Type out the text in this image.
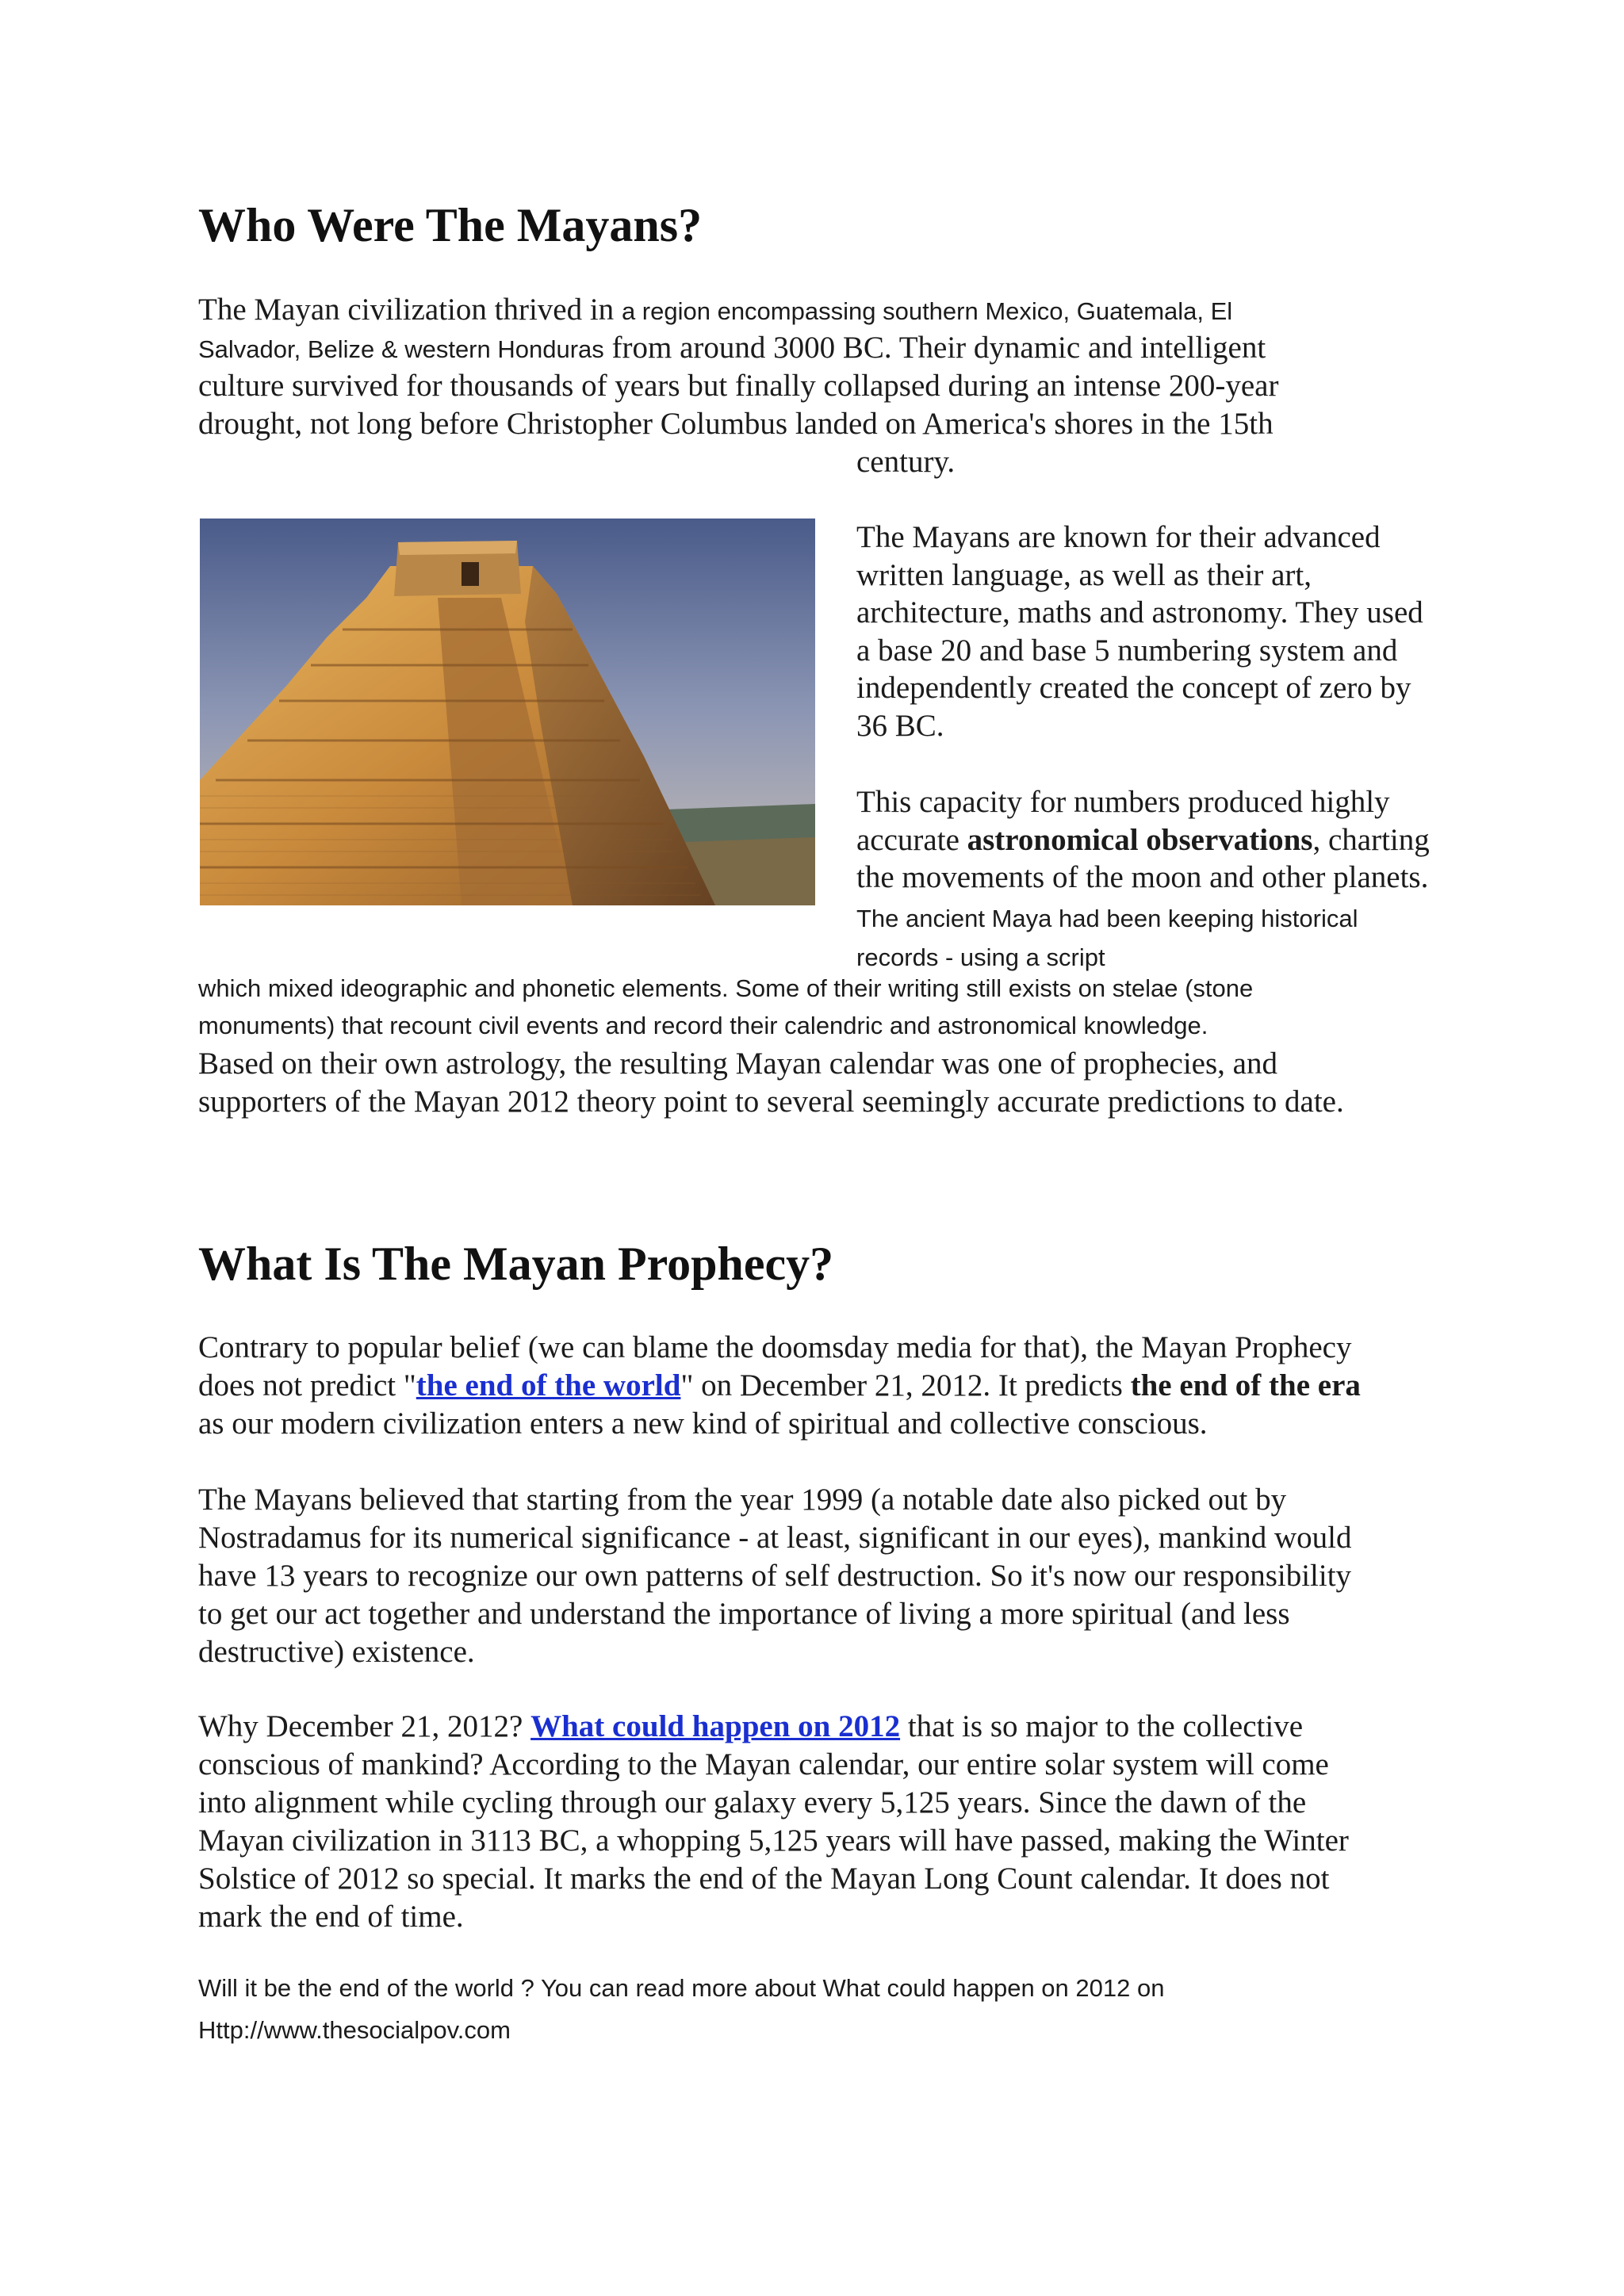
Who Were The Mayans?
The Mayan civilization thrived in a region encompassing southern Mexico, Guatemala, El
Salvador, Belize & western Honduras from around 3000 BC. Their dynamic and intelligent
culture survived for thousands of years but finally collapsed during an intense 200-year
drought, not long before Christopher Columbus landed on America's shores in the 15th
century.

The Mayans are known for their advanced written language, as well as their art, architecture, maths and astronomy. They used a base 20 and base 5 numbering system and independently created the concept of zero by 36 BC.

This capacity for numbers produced highly accurate astronomical observations, charting the movements of the moon and other planets. The ancient Maya had been keeping historical records - using a script

which mixed ideographic and phonetic elements. Some of their writing still exists on stelae (stone
monuments) that recount civil events and record their calendric and astronomical knowledge.
Based on their own astrology, the resulting Mayan calendar was one of prophecies, and
supporters of the Mayan 2012 theory point to several seemingly accurate predictions to date.
What Is The Mayan Prophecy?
Contrary to popular belief (we can blame the doomsday media for that), the Mayan Prophecy
does not predict "the end of the world" on December 21, 2012. It predicts the end of the era
as our modern civilization enters a new kind of spiritual and collective conscious.
The Mayans believed that starting from the year 1999 (a notable date also picked out by
Nostradamus for its numerical significance - at least, significant in our eyes), mankind would
have 13 years to recognize our own patterns of self destruction. So it's now our responsibility
to get our act together and understand the importance of living a more spiritual (and less
destructive) existence.
Why December 21, 2012? What could happen on 2012 that is so major to the collective
conscious of mankind? According to the Mayan calendar, our entire solar system will come
into alignment while cycling through our galaxy every 5,125 years. Since the dawn of the
Mayan civilization in 3113 BC, a whopping 5,125 years will have passed, making the Winter
Solstice of 2012 so special. It marks the end of the Mayan Long Count calendar. It does not
mark the end of time.
Will it be the end of the world ? You can read more about What could happen on 2012 on
Http://www.thesocialpov.com
